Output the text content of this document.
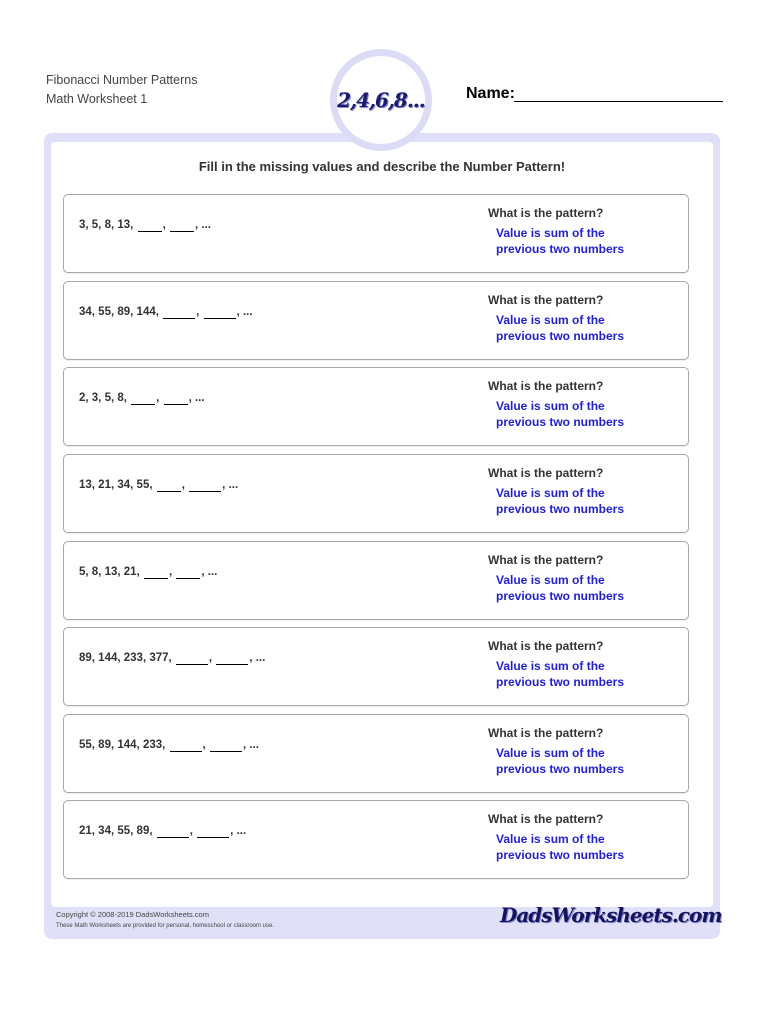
Fibonacci Number Patterns
Math Worksheet 1	2,4,6,8...	Name:
Fill in the missing values and describe the Number Pattern!
3, 5, 8, 13,	,	, ...
What is the pattern?
Value is sum of the
previous two numbers
34, 55, 89, 144,	,	, ...
What is the pattern?
Value is sum of the
previous two numbers
2, 3, 5, 8,	,	, ...
What is the pattern?
Value is sum of the
previous two numbers
13, 21, 34, 55,	,	, ...
What is the pattern?
Value is sum of the
previous two numbers
5, 8, 13, 21,	,	, ...
What is the pattern?
Value is sum of the
previous two numbers
89, 144, 233, 377,	,	, ...
What is the pattern?
Value is sum of the
previous two numbers
55, 89, 144, 233,	,	, ...
What is the pattern?
Value is sum of the
previous two numbers
21, 34, 55, 89,	,	, ...
What is the pattern?
Value is sum of the
previous two numbers
Copyright © 2008-2019 DadsWorksheets.com
These Math Worksheets are provided for personal, homeschool or classroom use.	DadsWorksheets.com
